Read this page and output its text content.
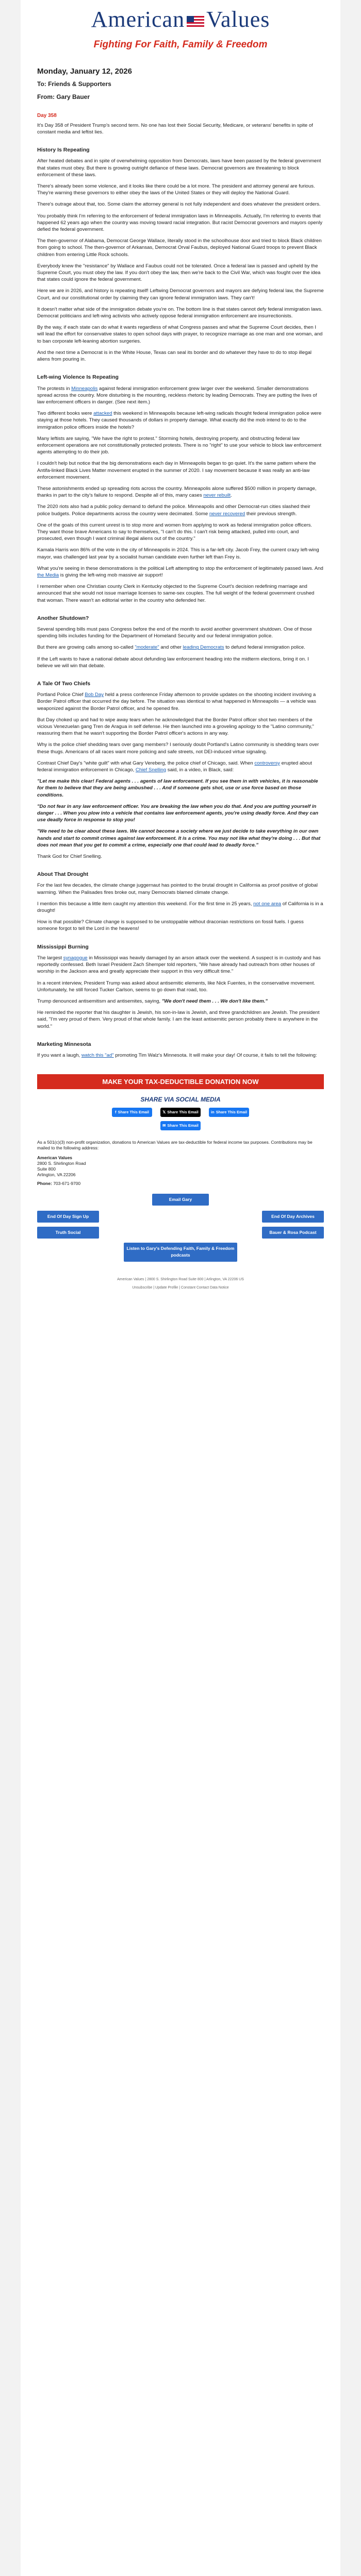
American Values
Fighting For Faith, Family & Freedom
Monday, January 12, 2026
To: Friends & Supporters
From: Gary Bauer
Day 358

It's Day 358 of President Trump's second term. No one has lost their Social Security, Medicare, or veterans' benefits in spite of constant media and leftist lies.

History Is Repeating

After heated debates and in spite of overwhelming opposition from Democrats, laws have been passed by the federal government that states must obey. But there is growing outright defiance of these laws. Democrat governors are threatening to block enforcement of these laws.

There's already been some violence, and it looks like there could be a lot more. The president and attorney general are furious. They're warning these governors to either obey the laws of the United States or they will deploy the National Guard.

There's outrage about that, too. Some claim the attorney general is not fully independent and does whatever the president orders.

You probably think I'm referring to the enforcement of federal immigration laws in Minneapolis. Actually, I'm referring to events that happened 62 years ago when the country was moving toward racial integration. But racist Democrat governors and mayors openly defied the federal government.

The then-governor of Alabama, Democrat George Wallace, literally stood in the schoolhouse door and tried to block Black children from going to school. The then-governor of Arkansas, Democrat Orval Faubus, deployed National Guard troops to prevent Black children from entering Little Rock schools.

Everybody knew the "resistance" by Wallace and Faubus could not be tolerated. Once a federal law is passed and upheld by the Supreme Court, you must obey the law. If you don't obey the law, then we're back to the Civil War, which was fought over the idea that states could ignore the federal government.

Here we are in 2026, and history is repeating itself! Leftwing Democrat governors and mayors are defying federal law, the Supreme Court, and our constitutional order by claiming they can ignore federal immigration laws. They can't!

It doesn't matter what side of the immigration debate you're on. The bottom line is that states cannot defy federal immigration laws. Democrat politicians and left-wing activists who actively oppose federal immigration enforcement are insurrectionists.

By the way, if each state can do what it wants regardless of what Congress passes and what the Supreme Court decides, then I will lead the effort for conservative states to open school days with prayer, to recognize marriage as one man and one woman, and to ban corporate left-leaning abortion surgeries.

And the next time a Democrat is in the White House, Texas can seal its border and do whatever they have to do to stop illegal aliens from pouring in.

Left-wing Violence Is Repeating

The protests in Minneapolis against federal immigration enforcement grew larger over the weekend. Smaller demonstrations spread across the country. More disturbing is the mounting, reckless rhetoric by leading Democrats. They are putting the lives of law enforcement officers in danger. (See next item.)

Two different books were attacked this weekend in Minneapolis because left-wing radicals thought federal immigration police were staying at those hotels. They caused thousands of dollars in property damage. What exactly did the mob intend to do to the immigration police officers inside the hotels?

Many leftists are saying, "We have the right to protest." Storming hotels, destroying property, and obstructing federal law enforcement operations are not constitutionally protected protests. There is no "right" to use your vehicle to block law enforcement agents attempting to do their job.

I couldn't help but notice that the big demonstrations each day in Minneapolis began to go quiet. It's the same pattern where the Antifa-linked Black Lives Matter movement erupted in the summer of 2020. I say movement because it was really an anti-law enforcement movement.

These astonishments ended up spreading riots across the country. Minneapolis alone suffered $500 million in property damage, thanks in part to the city's failure to respond. Despite all of this, many cases never rebuilt.

The 2020 riots also had a public policy demand to defund the police. Minneapolis and other Democrat-run cities slashed their police budgets. Police departments across the country were decimated. Some never recovered their previous strength.

One of the goals of this current unrest is to stop more and women from applying to work as federal immigration police officers. They want those brave Americans to say to themselves, "I can't do this. I can't risk being attacked, pulled into court, and prosecuted, even though I want criminal illegal aliens out of the country."

Kamala Harris won 86% of the vote in the city of Minneapolis in 2024. This is a far-left city. Jacob Frey, the current crazy left-wing mayor, was challenged last year by a socialist human candidate even further left than Frey is.

What you're seeing in these demonstrations is the political Left attempting to stop the enforcement of legitimately passed laws. And the Media is giving the left-wing mob massive air support!

I remember when one Christian county Clerk in Kentucky objected to the Supreme Court's decision redefining marriage and announced that she would not issue marriage licenses to same-sex couples. The full weight of the federal government crushed that woman. There wasn't an editorial writer in the country who defended her.

Another Shutdown?

Several spending bills must pass Congress before the end of the month to avoid another government shutdown. One of those spending bills includes funding for the Department of Homeland Security and our federal immigration police.

But there are growing calls among so-called "moderate" and other leading Democrats to defund federal immigration police.

If the Left wants to have a national debate about defunding law enforcement heading into the midterm elections, bring it on. I believe we will win that debate.

A Tale Of Two Chiefs

Portland Police Chief Bob Day held a press conference Friday afternoon to provide updates on the shooting incident involving a Border Patrol officer that occurred the day before. The situation was identical to what happened in Minneapolis — a vehicle was weaponized against the Border Patrol officer, and he opened fire.

But Day choked up and had to wipe away tears when he acknowledged that the Border Patrol officer shot two members of the vicious Venezuelan gang Tren de Aragua in self defense. He then launched into a groveling apology to the "Latino community," reassuring them that he wasn't supporting the Border Patrol officer's actions in any way.

Why is the police chief shedding tears over gang members? I seriously doubt Portland's Latino community is shedding tears over these thugs. Americans of all races want more policing and safe streets, not DEI-induced virtue signaling.

Contrast Chief Day's "white guilt" with what Gary Vereberg, the police chief of Chicago, said. When controversy erupted about federal immigration enforcement in Chicago, Chief Snelling said, in a video, in Black, said:

"Let me make this clear! Federal agents . . . agents of law enforcement. If you see them in with vehicles, it is reasonable for them to believe that they are being ambushed . . . And if someone gets shot, use or use force based on those conditions.

"Do not fear in any law enforcement officer. You are breaking the law when you do that. And you are putting yourself in danger . . . When you plow into a vehicle that contains law enforcement agents, you're using deadly force. And they can use deadly force in response to stop you!

"We need to be clear about these laws. We cannot become a society where we just decide to take everything in our own hands and start to commit crimes against law enforcement. It is a crime. You may not like what they're doing . . . But that does not mean that you get to commit a crime, especially one that could lead to deadly force."

Thank God for Chief Snelling.

About That Drought

For the last few decades, the climate change juggernaut has pointed to the brutal drought in California as proof positive of global warming. When the Palisades fires broke out, many Democrats blamed climate change.

I mention this because a little item caught my attention this weekend. For the first time in 25 years, not one area of California is in a drought!

How is that possible? Climate change is supposed to be unstoppable without draconian restrictions on fossil fuels. I guess someone forgot to tell the Lord in the heavens!

Mississippi Burning

The largest synagogue in Mississippi was heavily damaged by an arson attack over the weekend. A suspect is in custody and has reportedly confessed. Beth Israel President Zach Shemper told reporters, "We have already had outreach from other houses of worship in the Jackson area and greatly appreciate their support in this very difficult time."

In a recent interview, President Trump was asked about antisemitic elements, like Nick Fuentes, in the conservative movement. Unfortunately, he still forced Tucker Carlson, seems to go down that road, too.

Trump denounced antisemitism and antisemites, saying, "We don't need them . . . We don't like them."

He reminded the reporter that his daughter is Jewish, his son-in-law is Jewish, and three grandchildren are Jewish. The president said, "I'm very proud of them. Very proud of that whole family. I am the least antisemitic person probably there is anywhere in the world."

Marketing Minnesota

If you want a laugh, watch this "ad" promoting Tim Walz's Minnesota. It will make your day! Of course, it fails to tell the following:

MAKE YOUR TAX-DEDUCTIBLE DONATION NOW
SHARE VIA SOCIAL MEDIA
f Share This Email	𝕏 Share This Email	in Share This Email
✉ Share This Email
As a 501(c)(3) non-profit organization, donations to American Values are tax-deductible for federal income tax purposes. Contributions may be mailed to the following address:
American Values
2800 S. Shirlington Road
Suite 800
Arlington, VA 22206
Phone: 703-671-9700
Email Gary
End Of Day Sign Up	End Of Day Archives
Truth Social	Bauer & Rosa Podcast
Listen to Gary's Defending Faith, Family & Freedom podcasts
American Values | 2800 S. Shirlington Road Suite 800 | Arlington, VA 22206 US
Unsubscribe | Update Profile | Constant Contact Data Notice
